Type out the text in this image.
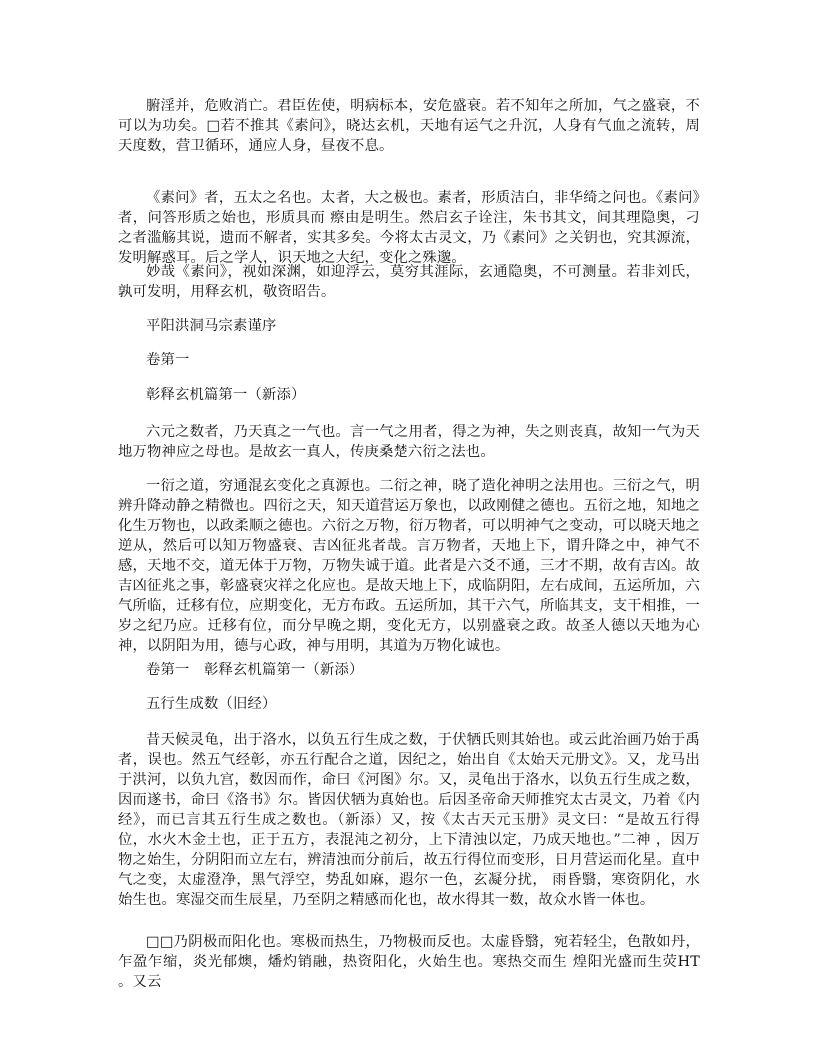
腑淫并，危败消亡。君臣佐使，明病标本，安危盛衰。若不知年之所加，气之盛衰，不可以为功矣。□若不推其《素问》，晓达玄机，天地有运气之升沉，人身有气血之流转，周天度数，营卫循环，通应人身，昼夜不息。

《素问》者，五太之名也。太者，大之极也。素者，形质洁白，非华绮之问也。《素问》者，问答形质之始也，形质具而 瘵由是明生。然启玄子诠注，朱书其文，间其理隐奥，刁之者滥觞其说，遗而不解者，实其多矣。今将太古灵文，乃《素问》之关钥也，究其源流，发明解惑耳。后之学人，识天地之大纪，变化之殊邈。

妙哉《素问》，视如深渊，如迎浮云，莫穷其涯际，玄通隐奥，不可测量。若非刘氏，孰可发明，用释玄机，敬资昭告。

平阳洪洞马宗素谨序

卷第一

彰释玄机篇第一（新添）

六元之数者，乃天真之一气也。言一气之用者，得之为神，失之则丧真，故知一气为天地万物神应之母也。是故玄一真人，传庚桑楚六衍之法也。

一衍之道，穷通混玄变化之真源也。二衍之神，晓了造化神明之法用也。三衍之气，明辨升降动静之精微也。四衍之天，知天道营运万象也，以政刚健之德也。五衍之地，知地之化生万物也，以政柔顺之德也。六衍之万物，衍万物者，可以明神气之变动，可以晓天地之逆从，然后可以知万物盛衰、吉凶征兆者哉。言万物者，天地上下，谓升降之中，神气不感，天地不交，道无体于万物，万物失诚于道。此者是六爻不通，三才不期，故有吉凶。故吉凶征兆之事，彰盛衰灾祥之化应也。是故天地上下，成临阴阳，左右成间，五运所加，六气所临，迁移有位，应期变化，无方布政。五运所加，其干六气，所临其支，支干相推，一岁之纪乃应。迁移有位，而分早晚之期，变化无方，以别盛衰之政。故圣人德以天地为心神，以阴阳为用，德与心政，神与用明，其道为万物化诚也。

卷第一　彰释玄机篇第一（新添）

五行生成数（旧经）

昔天候灵龟，出于洛水，以负五行生成之数，于伏牺氏则其始也。或云此治画乃始于禹者，误也。然五气经彰，亦五行配合之道，因纪之，始出自《太始天元册文》。又，龙马出于洪河，以负九宫，数因而作，命曰《河图》尔。又，灵龟出于洛水，以负五行生成之数，因而遂书，命曰《洛书》尔。皆因伏牺为真始也。后因圣帝命天师推究太古灵文，乃着《内经》，而已言其五行生成之数也。（新添）又，按《太古天元玉册》灵文曰：“是故五行得位，水火木金土也，正于五方，表混沌之初分，上下清浊以定，乃成天地也。”二神 ，因万物之始生，分阴阳而立左右，辨清浊而分前后，故五行得位而变形，日月营运而化星。直中气之变，太虚澄净，黑气浮空，势乱如麻，遐尔一色，玄凝分扰， 雨昏翳，寒资阴化，水始生也。寒湿交而生辰星，乃至阴之精感而化也，故水得其一数，故众水皆一体也。

□□乃阴极而阳化也。寒极而热生，乃物极而反也。太虚昏翳，宛若轻尘，色散如丹，乍盈乍缩，炎光郁燠，燔灼销融，热资阳化，火始生也。寒热交而生 煌阳光盛而生荧HT 。又云
